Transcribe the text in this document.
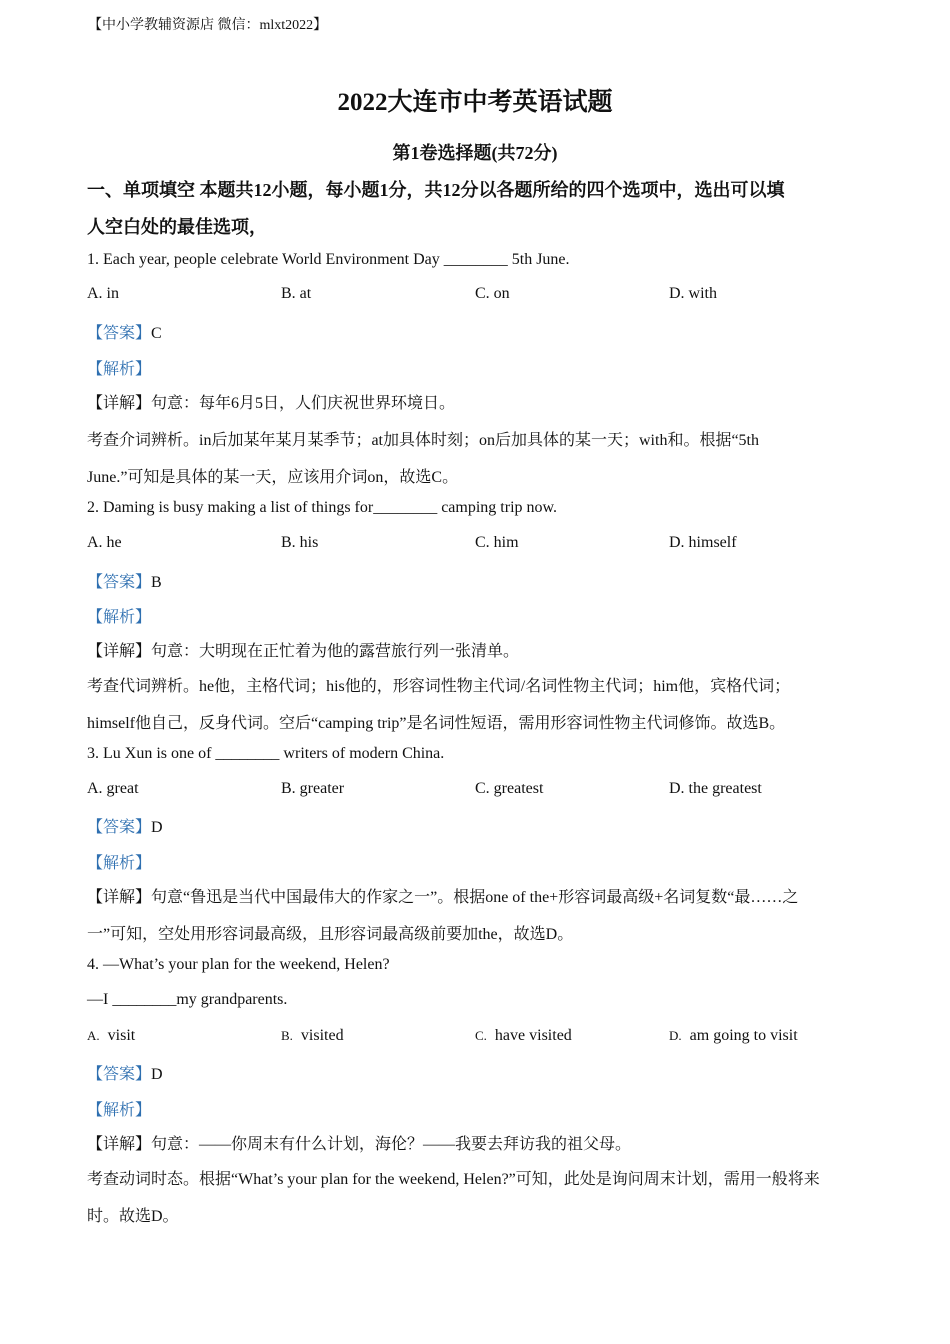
【中小学教辅资源店 微信：mlxt2022】
2022大连市中考英语试题
第1卷选择题(共72分)
一、单项填空 本题共12小题，每小题1分，共12分以各题所给的四个选项中，选出可以填
人空白处的最佳选项，
1. Each year, people celebrate World Environment Day ________ 5th June.
A. in	B. at	C. on	D. with
【答案】C
【解析】
【详解】句意：每年6月5日，人们庆祝世界环境日。
考查介词辨析。in后加某年某月某季节；at加具体时刻；on后加具体的某一天；with和。根据“5th
June.”可知是具体的某一天，应该用介词on，故选C。
2. Daming is busy making a list of things for________ camping trip now.
A. he	B. his	C. him	D. himself
【答案】B
【解析】
【详解】句意：大明现在正忙着为他的露营旅行列一张清单。
考查代词辨析。he他，主格代词；his他的，形容词性物主代词/名词性物主代词；him他，宾格代词；
himself他自己，反身代词。空后“camping trip”是名词性短语，需用形容词性物主代词修饰。故选B。
3. Lu Xun is one of ________ writers of modern China.
A. great	B. greater	C. greatest	D. the greatest
【答案】D
【解析】
【详解】句意“鲁迅是当代中国最伟大的作家之一”。根据one of the+形容词最高级+名词复数“最……之
一”可知，空处用形容词最高级，且形容词最高级前要加the，故选D。
4. —What’s your plan for the weekend, Helen?
—I ________my grandparents.
A. visit	B. visited	C. have visited	D. am going to visit
【答案】D
【解析】
【详解】句意：——你周末有什么计划，海伦？——我要去拜访我的祖父母。
考查动词时态。根据“What’s your plan for the weekend, Helen?”可知，此处是询问周末计划，需用一般将来
时。故选D。
